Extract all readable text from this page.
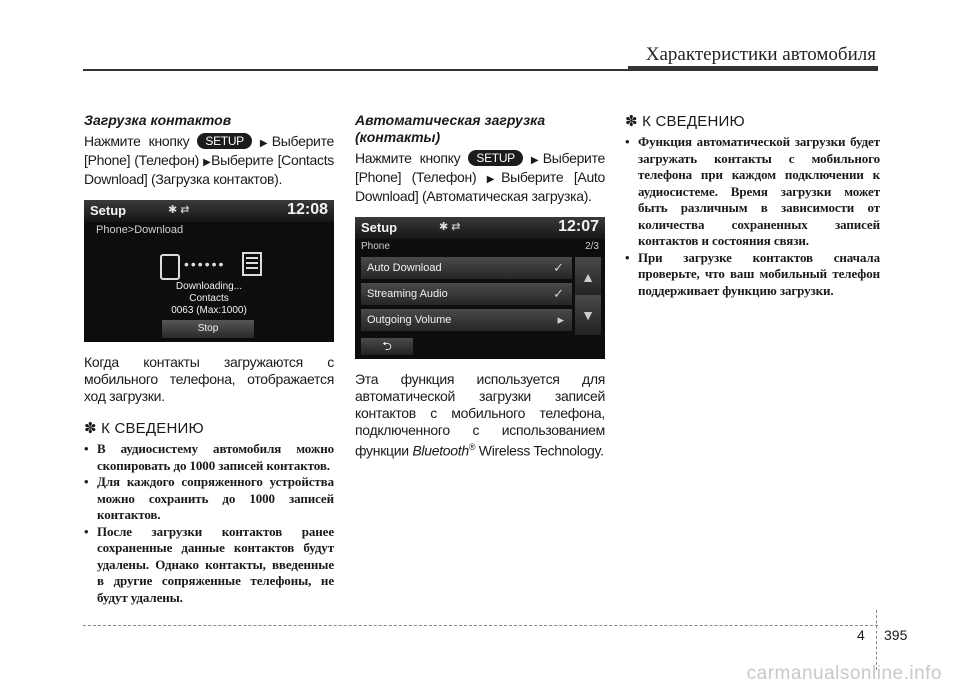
Характеристики автомобиля
Загрузка контактов

Нажмите кнопку SETUP ▶Выберите [Phone] (Телефон) ▶Выберите [Contacts Download] (Загрузка контактов).

Setup	✱ ⇄	12:08
Phone>Download
••••••
Downloading...
Contacts
0063 (Max:1000)
Stop

Когда контакты загружаются с мобильного телефона, отображается ход загрузки.

✽ К СВЕДЕНИЮ
• В аудиосистему автомобиля можно скопировать до 1000 записей контактов.
• Для каждого сопряженного устройства можно сохранить до 1000 записей контактов.
• После загрузки контактов ранее сохраненные данные контактов будут удалены. Однако контакты, введенные в другие сопряженные телефоны, не будут удалены.
Автоматическая загрузка (контакты)

Нажмите кнопку SETUP ▶Выберите [Phone] (Телефон) ▶Выберите [Auto Download] (Автоматическая загрузка).

Setup	✱ ⇄	12:07
Phone	2/3
Auto Download	✓
Streaming Audio	✓
Outgoing Volume	▸
▲
▼
⮌

Эта функция используется для автоматической загрузки записей контактов с мобильного телефона, подключенного с использованием функции Bluetooth® Wireless Technology.

✽ К СВЕДЕНИЮ
• Функция автоматической загрузки будет загружать контакты с мобильного телефона при каждом подключении к аудиосистеме. Время загрузки может быть различным в зависимости от количества сохраненных записей контактов и состояния связи.
• При загрузке контактов сначала проверьте, что ваш мобильный телефон поддерживает функцию загрузки.
4 395
carmanualsonline.info
